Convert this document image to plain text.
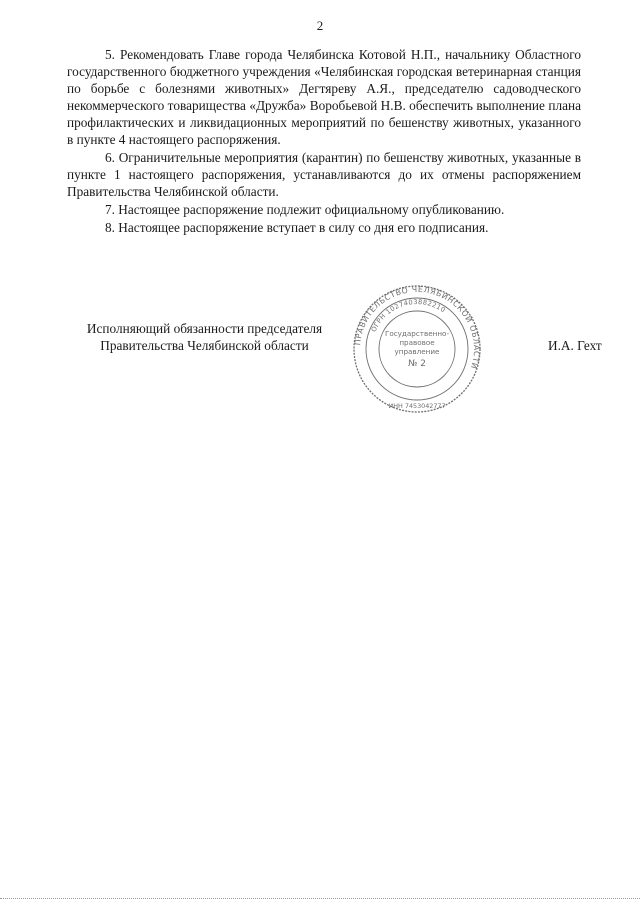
2

5. Рекомендовать Главе города Челябинска Котовой Н.П., начальнику Областного государственного бюджетного учреждения «Челябинская городская ветеринарная станция по борьбе с болезнями животных» Дегтяреву А.Я., председателю садоводческого некоммерческого товарищества «Дружба» Воробьевой Н.В. обеспечить выполнение плана профилактических и ликвидационных мероприятий по бешенству животных, указанного в пункте 4 настоящего распоряжения.

6. Ограничительные мероприятия (карантин) по бешенству животных, указанные в пункте 1 настоящего распоряжения, устанавливаются до их отмены распоряжением Правительства Челябинской области.

7. Настоящее распоряжение подлежит официальному опубликованию.

8. Настоящее распоряжение вступает в силу со дня его подписания.

Исполняющий обязанности председателя
Правительства Челябинской области	ПРАВИТЕЛЬСТВО ЧЕЛЯБИНСКОЙ ОБЛАСТИ
ОГРН 1027403882210
ИНН 7453042777
Государственно-
правовое
управление
№ 2
И.А. Гехт
